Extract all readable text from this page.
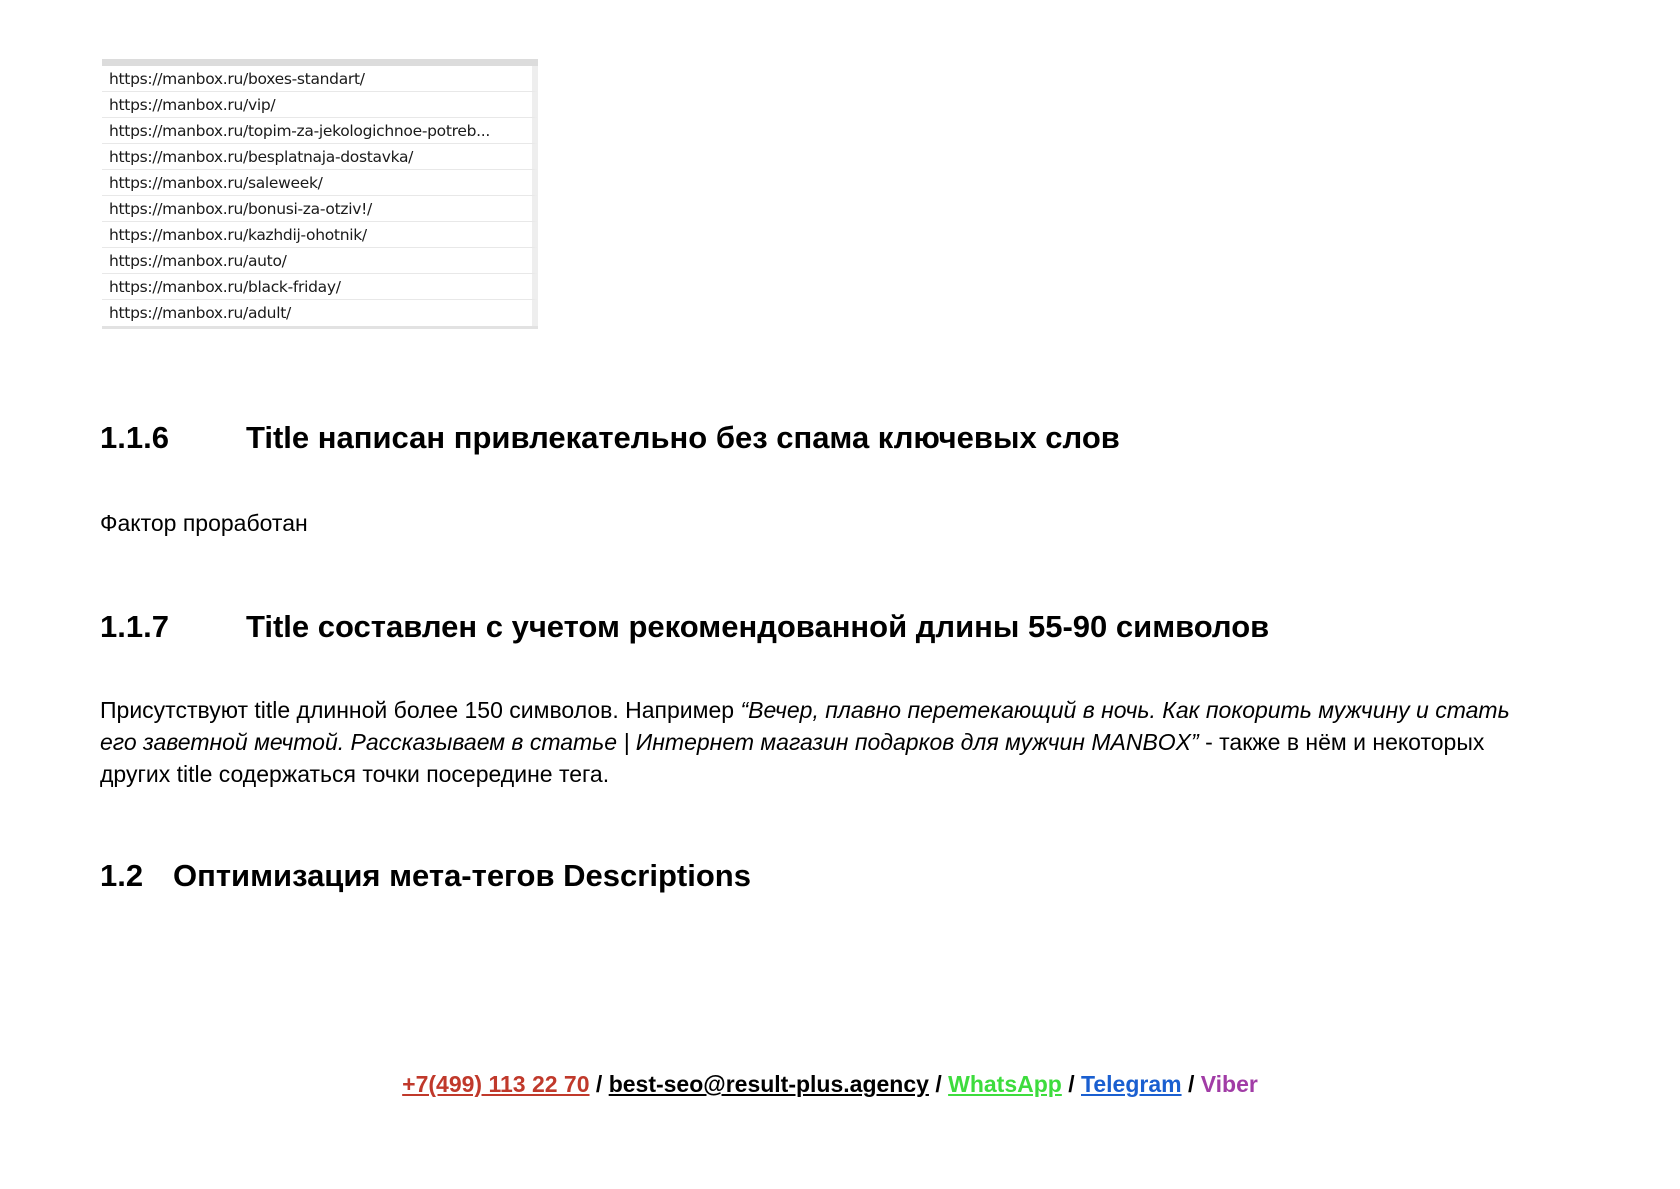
https://manbox.ru/boxes-standart/
https://manbox.ru/vip/
https://manbox.ru/topim-za-jekologichnoe-potreb...
https://manbox.ru/besplatnaja-dostavka/
https://manbox.ru/saleweek/
https://manbox.ru/bonusi-za-otziv!/
https://manbox.ru/kazhdij-ohotnik/
https://manbox.ru/auto/
https://manbox.ru/black-friday/
https://manbox.ru/adult/
1.1.6 Title написан привлекательно без спама ключевых слов

Фактор проработан

1.1.7 Title составлен с учетом рекомендованной длины 55-90 символов

Присутствуют title длинной более 150 символов. Например “Вечер, плавно перетекающий в ночь. Как покорить мужчину и стать его заветной мечтой. Рассказываем в статье | Интернет магазин подарков для мужчин MANBOX” - также в нём и некоторых других title содержаться точки посередине тега.

1.2 Оптимизация мета-тегов Descriptions
+7(499) 113 22 70 / best-seo@result-plus.agency / WhatsApp / Telegram / Viber
